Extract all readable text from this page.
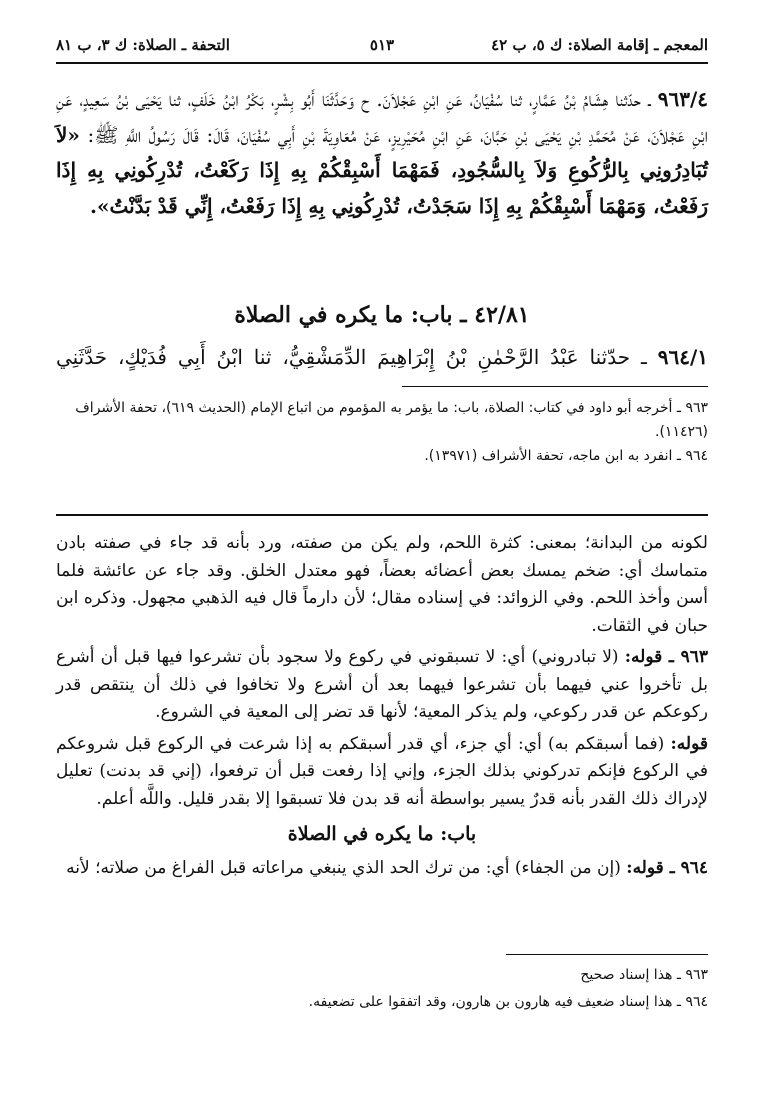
المعجم ـ إقامة الصلاة: ك ٥، ب ٤٢
٥١٣
التحفة ـ الصلاة: ك ٣، ب ٨١
٩٦٣/٤ ـ حدّثنا هِشَامُ بْنُ عَمَّارٍ، ثنا سُفْيَانُ، عَنِ ابْنِ عَجْلاَنَ. ح وَحَدَّثَنَا أَبُو بِشْرٍ، بَكْرُ ابْنُ خَلَفٍ، ثنا يَحْيَى بْنُ سَعِيدٍ، عَنِ ابْنِ عَجْلاَنَ، عَنْ مُحَمَّدِ بْنِ يَحْيَى بْنِ حَبَّانَ، عَنِ ابْنِ مُحَيْرِيزٍ، عَنْ مُعَاوِيَةَ بْنِ أَبِي سُفْيَانَ، قَالَ: قَالَ رَسُولُ اللَّهِ ﷺ: «لاَ تُبَادِرُونِي بِالرُّكُوعِ وَلاَ بِالسُّجُودِ، فَمَهْمَا أَسْبِقْكُمْ بِهِ إِذَا رَكَعْتُ، تُدْرِكُونِي بِهِ إِذَا رَفَعْتُ، وَمَهْمَا أَسْبِقْكُمْ بِهِ إِذَا سَجَدْتُ، تُدْرِكُونِي بِهِ إِذَا رَفَعْتُ، إِنِّي قَدْ بَدَّنْتُ».
٤٢/٨١ ـ باب: ما يكره في الصلاة
٩٦٤/١ ـ حدّثنا عَبْدُ الرَّحْمٰنِ بْنُ إِبْرَاهِيمَ الدِّمَشْقِيُّ، ثنا ابْنُ أَبِي فُدَيْكٍ، حَدَّثَنِي

٩٦٣ ـ أخرجه أبو داود في كتاب: الصلاة، باب: ما يؤمر به المؤموم من اتباع الإمام (الحديث ٦١٩)، تحفة الأشراف (١١٤٢٦).

٩٦٤ ـ انفرد به ابن ماجه، تحفة الأشراف (١٣٩٧١).

لكونه من البدانة؛ بمعنى: كثرة اللحم، ولم يكن من صفته، ورد بأنه قد جاء في صفته بادن متماسك أي: ضخم يمسك بعض أعضائه بعضاً، فهو معتدل الخلق. وقد جاء عن عائشة فلما أسن وأخذ اللحم. وفي الزوائد: في إسناده مقال؛ لأن دارماً قال فيه الذهبي مجهول. وذكره ابن حبان في الثقات.

٩٦٣ ـ قوله: (لا تبادروني) أي: لا تسبقوني في ركوع ولا سجود بأن تشرعوا فيها قبل أن أشرع بل تأخروا عني فيهما بأن تشرعوا فيهما بعد أن أشرع ولا تخافوا في ذلك أن ينتقص قدر ركوعكم عن قدر ركوعي، ولم يذكر المعية؛ لأنها قد تضر إلى المعية في الشروع.

قوله: (فما أسبقكم به) أي: أي جزء، أي قدر أسبقكم به إذا شرعت في الركوع قبل شروعكم في الركوع فإنكم تدركوني بذلك الجزء، وإني إذا رفعت قبل أن ترفعوا، (إني قد بدنت) تعليل لإدراك ذلك القدر بأنه قدرٌ يسير بواسطة أنه قد بدن فلا تسبقوا إلا بقدر قليل. واللَّه أعلم.

باب: ما يكره في الصلاة

٩٦٤ ـ قوله: (إن من الجفاء) أي: من ترك الحد الذي ينبغي مراعاته قبل الفراغ من صلاته؛ لأنه

٩٦٣ ـ هذا إسناد صحيح

٩٦٤ ـ هذا إسناد ضعيف فيه هارون بن هارون، وقد اتفقوا على تضعيفه.
